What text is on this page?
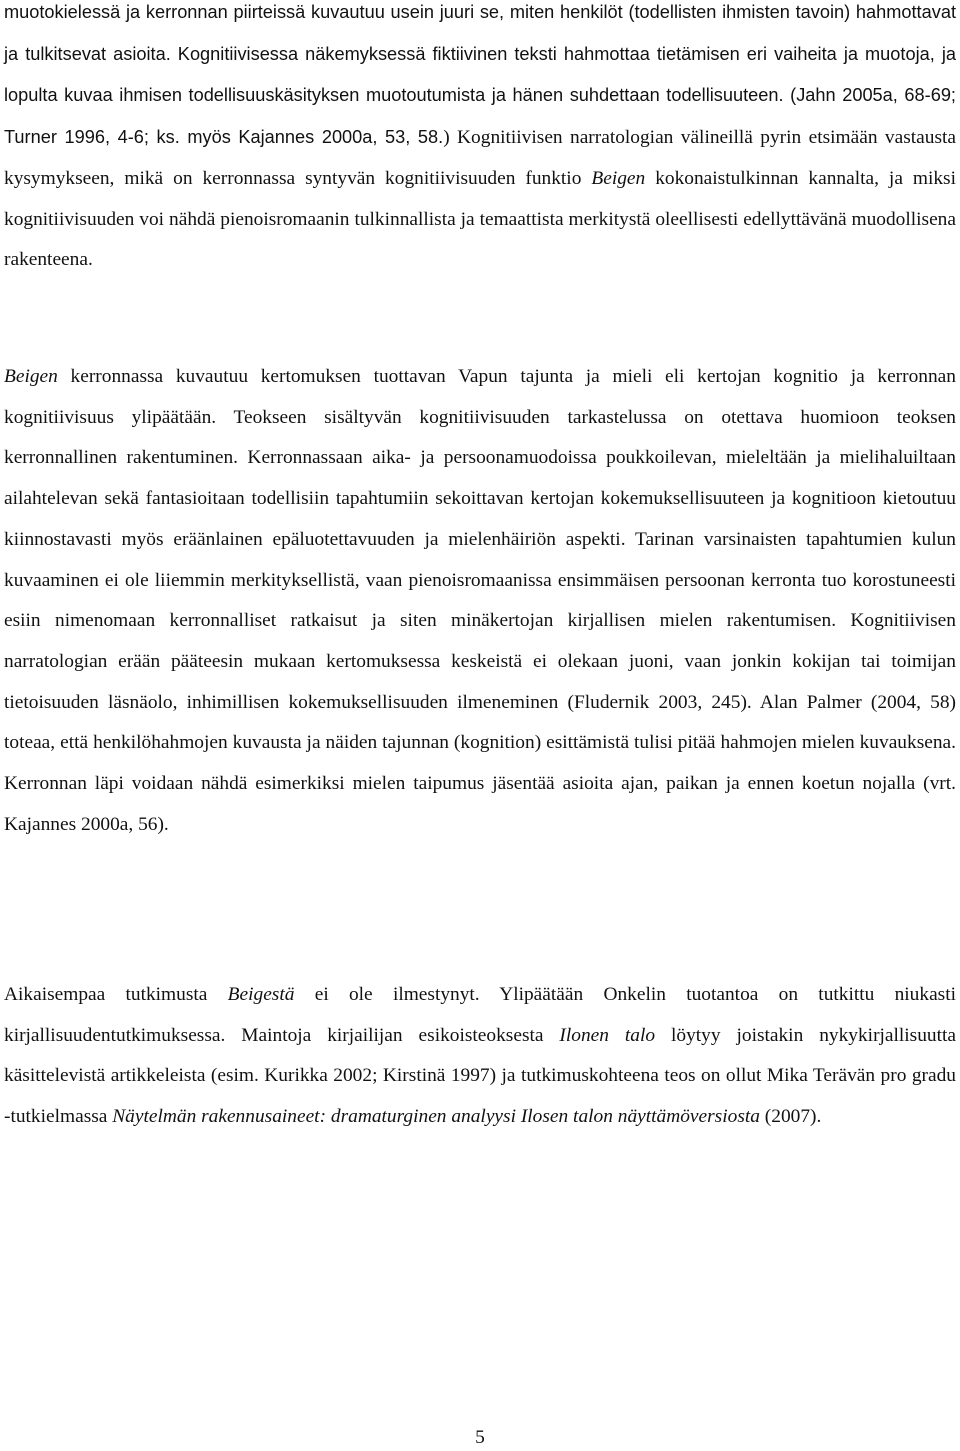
muotokielessä ja kerronnan piirteissä kuvautuu usein juuri se, miten henkilöt (todellisten ihmisten tavoin) hahmottavat ja tulkitsevat asioita. Kognitiivisessa näkemyksessä fiktiivinen teksti hahmottaa tietämisen eri vaiheita ja muotoja, ja lopulta kuvaa ihmisen todellisuuskäsityksen muotoutumista ja hänen suhdettaan todellisuuteen. (Jahn 2005a, 68-69; Turner 1996, 4-6; ks. myös Kajannes 2000a, 53, 58.) Kognitiivisen narratologian välineillä pyrin etsimään vastausta kysymykseen, mikä on kerronnassa syntyvän kognitiivisuuden funktio Beigen kokonaistulkinnan kannalta, ja miksi kognitiivisuuden voi nähdä pienoisromaanin tulkinnallista ja temaattista merkitystä oleellisesti edellyttävänä muodollisena rakenteena.

Beigen kerronnassa kuvautuu kertomuksen tuottavan Vapun tajunta ja mieli eli kertojan kognitio ja kerronnan kognitiivisuus ylipäätään. Teokseen sisältyvän kognitiivisuuden tarkastelussa on otettava huomioon teoksen kerronnallinen rakentuminen. Kerronnassaan aika- ja persoonamuodoissa poukkoilevan, mieleltään ja mielihaluiltaan ailahtelevan sekä fantasioitaan todellisiin tapahtumiin sekoittavan kertojan kokemuksellisuuteen ja kognitioon kietoutuu kiinnostavasti myös eräänlainen epäluotettavuuden ja mielenhäiriön aspekti. Tarinan varsinaisten tapahtumien kulun kuvaaminen ei ole liiemmin merkityksellistä, vaan pienoisromaanissa ensimmäisen persoonan kerronta tuo korostuneesti esiin nimenomaan kerronnalliset ratkaisut ja siten minäkertojan kirjallisen mielen rakentumisen. Kognitiivisen narratologian erään pääteesin mukaan kertomuksessa keskeistä ei olekaan juoni, vaan jonkin kokijan tai toimijan tietoisuuden läsnäolo, inhimillisen kokemuksellisuuden ilmeneminen (Fludernik 2003, 245). Alan Palmer (2004, 58) toteaa, että henkilöhahmojen kuvausta ja näiden tajunnan (kognition) esittämistä tulisi pitää hahmojen mielen kuvauksena. Kerronnan läpi voidaan nähdä esimerkiksi mielen taipumus jäsentää asioita ajan, paikan ja ennen koetun nojalla (vrt. Kajannes 2000a, 56).

Aikaisempaa tutkimusta Beigestä ei ole ilmestynyt. Ylipäätään Onkelin tuotantoa on tutkittu niukasti kirjallisuudentutkimuksessa. Maintoja kirjailijan esikoisteoksesta Ilonen talo löytyy joistakin nykykirjallisuutta käsittelevistä artikkeleista (esim. Kurikka 2002; Kirstinä 1997) ja tutkimuskohteena teos on ollut Mika Terävän pro gradu -tutkielmassa Näytelmän rakennusaineet: dramaturginen analyysi Ilosen talon näyttämöversiosta (2007).

5
